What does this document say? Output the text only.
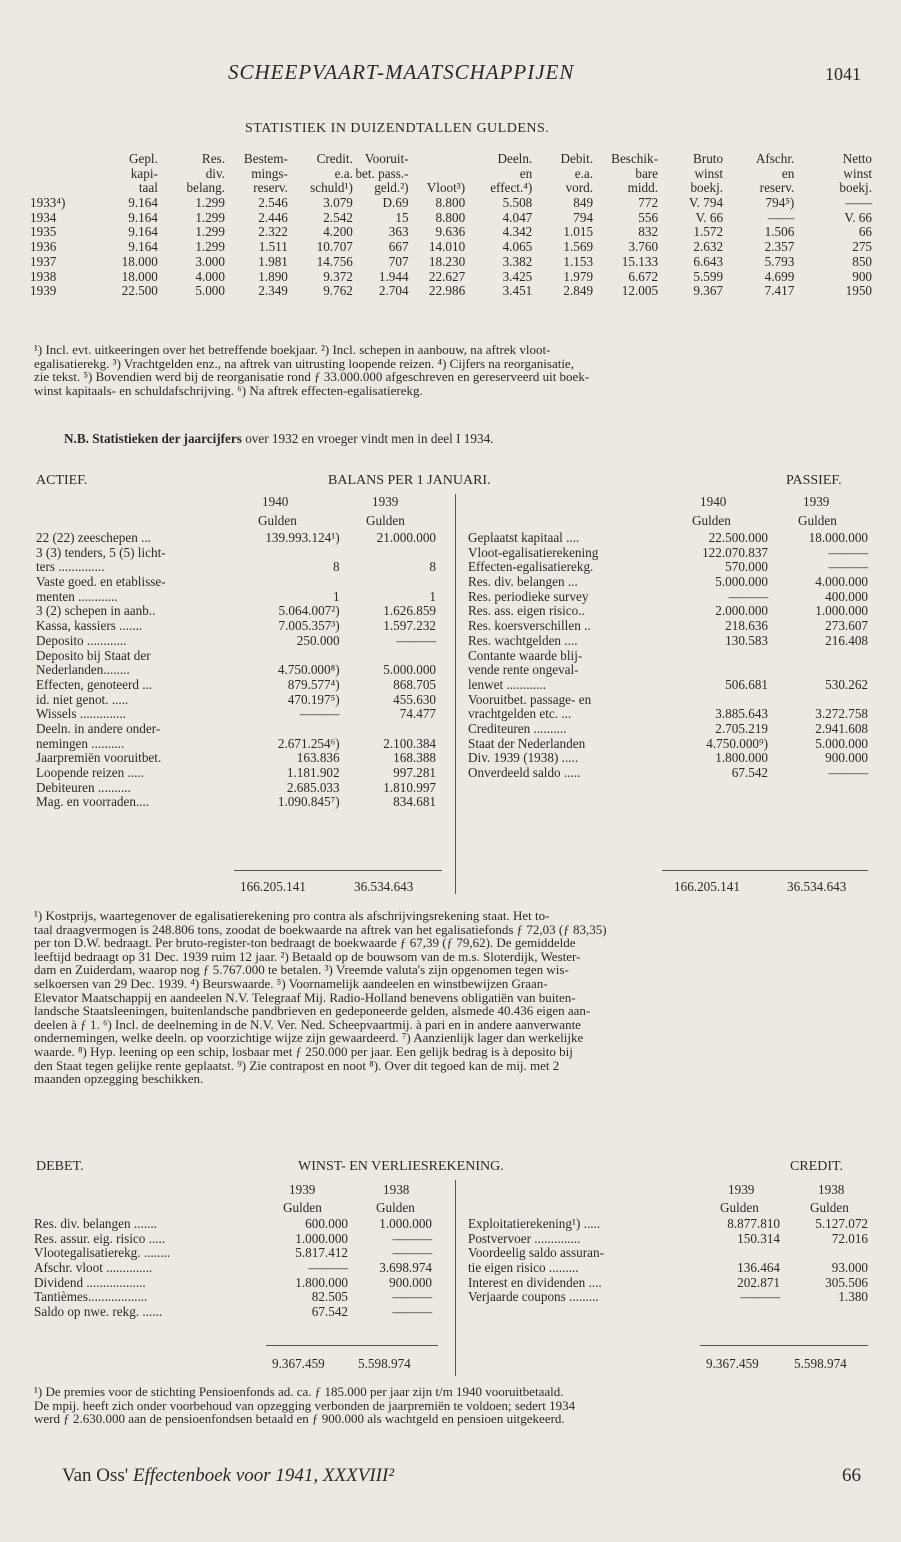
SCHEEPVAART-MAATSCHAPPIJEN	1041
STATISTIEK IN DUIZENDTALLEN GULDENS.
	Gepl.	Res.	Bestem-	Credit.	Vooruit-		Deeln.	Debit.	Beschik-	Bruto	Afschr.	Netto
	kapi-	div.	mings-	e.a.	bet. pass.-		en	e.a.	bare	winst	en	winst
	taal	belang.	reserv.	schuld¹)	geld.²)	Vloot³)	effect.⁴)	vord.	midd.	boekj.	reserv.	boekj.
1933⁴)	9.164	1.299	2.546	3.079	D.69	8.800	5.508	849	772	V. 794	794⁵)	——
1934	9.164	1.299	2.446	2.542	15	8.800	4.047	794	556	V. 66	——	V. 66
1935	9.164	1.299	2.322	4.200	363	9.636	4.342	1.015	832	1.572	1.506	66
1936	9.164	1.299	1.511	10.707	667	14.010	4.065	1.569	3.760	2.632	2.357	275
1937	18.000	3.000	1.981	14.756	707	18.230	3.382	1.153	15.133	6.643	5.793	850
1938	18.000	4.000	1.890	9.372	1.944	22.627	3.425	1.979	6.672	5.599	4.699	900
1939	22.500	5.000	2.349	9.762	2.704	22.986	3.451	2.849	12.005	9.367	7.417	1950
¹) Incl. evt. uitkeeringen over het betreffende boekjaar. ²) Incl. schepen in aanbouw, na aftrek vloot-
egalisatierekg. ³) Vrachtgelden enz., na aftrek van uitrusting loopende reizen. ⁴) Cijfers na reorganisatie,
zie tekst. ⁵) Bovendien werd bij de reorganisatie rond ƒ 33.000.000 afgeschreven en gereserveerd uit boek-
winst kapitaals- en schuldafschrijving. ⁶) Na aftrek effecten-egalisatierekg.
N.B. Statistieken der jaarcijfers over 1932 en vroeger vindt men in deel I 1934.
ACTIEF.	BALANS PER 1 JANUARI.	PASSIEF.
1940	1939
Gulden	Gulden
1940	1939
Gulden	Gulden
22 (22) zeeschepen ...	139.993.124¹)	21.000.000
3 (3) tenders, 5 (5) licht-		
ters ..............	8	8
Vaste goed. en etablisse-		
menten ............	1	1
3 (2) schepen in aanb..	5.064.007²)	1.626.859
Kassa, kassiers .......	7.005.357³)	1.597.232
Deposito ............	250.000	———
Deposito bij Staat der		
Nederlanden........	4.750.000⁸)	5.000.000
Effecten, genoteerd ...	879.577⁴)	868.705
id. niet genot. .....	470.197⁵)	455.630
Wissels ..............	———	74.477
Deeln. in andere onder-		
nemingen ..........	2.671.254⁶)	2.100.384
Jaarpremiën vooruitbet.	163.836	168.388
Loopende reizen .....	1.181.902	997.281
Debiteuren ..........	2.685.033	1.810.997
Mag. en voorraden....	1.090.845⁷)	834.681
Geplaatst kapitaal ....	22.500.000	18.000.000
Vloot-egalisatierekening	122.070.837	———
Effecten-egalisatierekg.	570.000	———
Res. div. belangen ...	5.000.000	4.000.000
Res. periodieke survey	———	400.000
Res. ass. eigen risico..	2.000.000	1.000.000
Res. koersverschillen ..	218.636	273.607
Res. wachtgelden ....	130.583	216.408
Contante waarde blij-		
vende rente ongeval-		
lenwet ............	506.681	530.262
Vooruitbet. passage- en		
vrachtgelden etc. ...	3.885.643	3.272.758
Crediteuren ..........	2.705.219	2.941.608
Staat der Nederlanden	4.750.000⁹)	5.000.000
Div. 1939 (1938) .....	1.800.000	900.000
Onverdeeld saldo .....	67.542	———
166.205.141	36.534.643	166.205.141	36.534.643
¹) Kostprijs, waartegenover de egalisatierekening pro contra als afschrijvingsrekening staat. Het to-
taal draagvermogen is 248.806 tons, zoodat de boekwaarde na aftrek van het egalisatiefonds ƒ 72,03 (ƒ 83,35)
per ton D.W. bedraagt. Per bruto-register-ton bedraagt de boekwaarde ƒ 67,39 (ƒ 79,62). De gemiddelde
leeftijd bedraagt op 31 Dec. 1939 ruim 12 jaar. ²) Betaald op de bouwsom van de m.s. Sloterdijk, Wester-
dam en Zuiderdam, waarop nog ƒ 5.767.000 te betalen. ³) Vreemde valuta's zijn opgenomen tegen wis-
selkoersen van 29 Dec. 1939. ⁴) Beurswaarde. ⁵) Voornamelijk aandeelen en winstbewijzen Graan-
Elevator Maatschappij en aandeelen N.V. Telegraaf Mij. Radio-Holland benevens obligatiën van buiten-
landsche Staatsleeningen, buitenlandsche pandbrieven en gedeponeerde gelden, alsmede 40.436 eigen aan-
deelen à ƒ 1. ⁶) Incl. de deelneming in de N.V. Ver. Ned. Scheepvaartmij. à pari en in andere aanverwante
ondernemingen, welke deeln. op voorzichtige wijze zijn gewaardeerd. ⁷) Aanzienlijk lager dan werkelijke
waarde. ⁸) Hyp. leening op een schip, losbaar met ƒ 250.000 per jaar. Een gelijk bedrag is à deposito bij
den Staat tegen gelijke rente geplaatst. ⁹) Zie contrapost en noot ⁸). Over dit tegoed kan de mij. met 2
maanden opzegging beschikken.
DEBET.	WINST- EN VERLIESREKENING.	CREDIT.
1939	1938
Gulden	Gulden
1939	1938
Gulden	Gulden
Res. div. belangen .......	600.000	1.000.000
Res. assur. eig. risico .....	1.000.000	———
Vlootegalisatierekg. ........	5.817.412	———
Afschr. vloot ..............	———	3.698.974
Dividend ..................	1.800.000	900.000
Tantièmes..................	82.505	———
Saldo op nwe. rekg. ......	67.542	———
Exploitatierekening¹) .....	8.877.810	5.127.072
Postvervoer ..............	150.314	72.016
Voordeelig saldo assuran-		
tie eigen risico .........	136.464	93.000
Interest en dividenden ....	202.871	305.506
Verjaarde coupons .........	———	1.380
9.367.459	5.598.974	9.367.459	5.598.974
¹) De premies voor de stichting Pensioenfonds ad. ca. ƒ 185.000 per jaar zijn t/m 1940 vooruitbetaald.
De mpij. heeft zich onder voorbehoud van opzegging verbonden de jaarpremiën te voldoen; sedert 1934
werd ƒ 2.630.000 aan de pensioenfondsen betaald en ƒ 900.000 als wachtgeld en pensioen uitgekeerd.
Van Oss' Effectenboek voor 1941, XXXVIII²	66
